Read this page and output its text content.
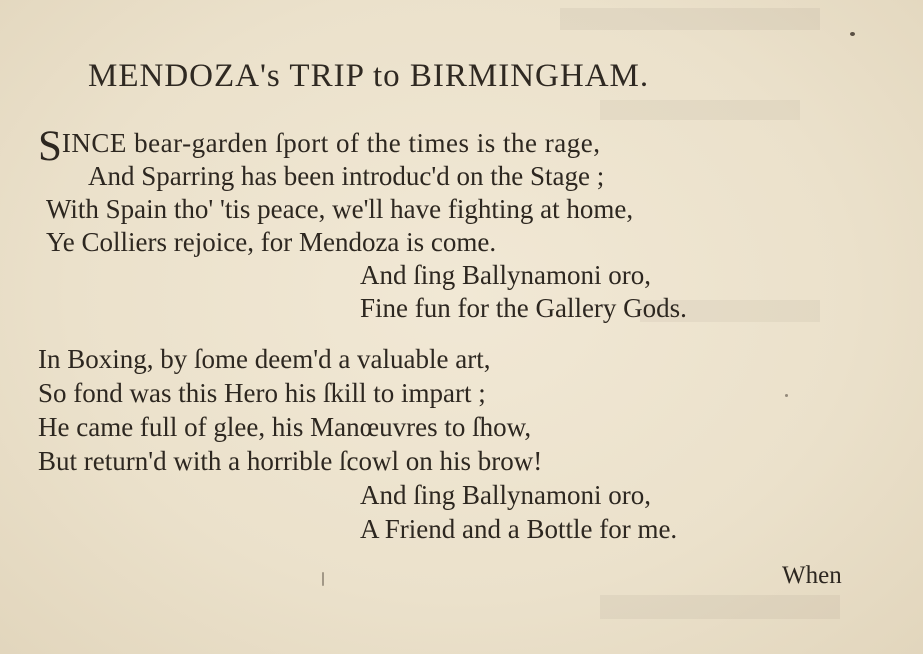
MENDOZA's TRIP to BIRMINGHAM.
SINCE bear-garden ſport of the times is the rage,
And Sparring has been introduc'd on the Stage ;
With Spain tho' 'tis peace, we'll have fighting at home,
Ye Colliers rejoice, for Mendoza is come.
And ſing Ballynamoni oro,
Fine fun for the Gallery Gods.
In Boxing, by ſome deem'd a valuable art,
So fond was this Hero his ſkill to impart ;
He came full of glee, his Manœuvres to ſhow,
But return'd with a horrible ſcowl on his brow!
And ſing Ballynamoni oro,
A Friend and a Bottle for me.
When
